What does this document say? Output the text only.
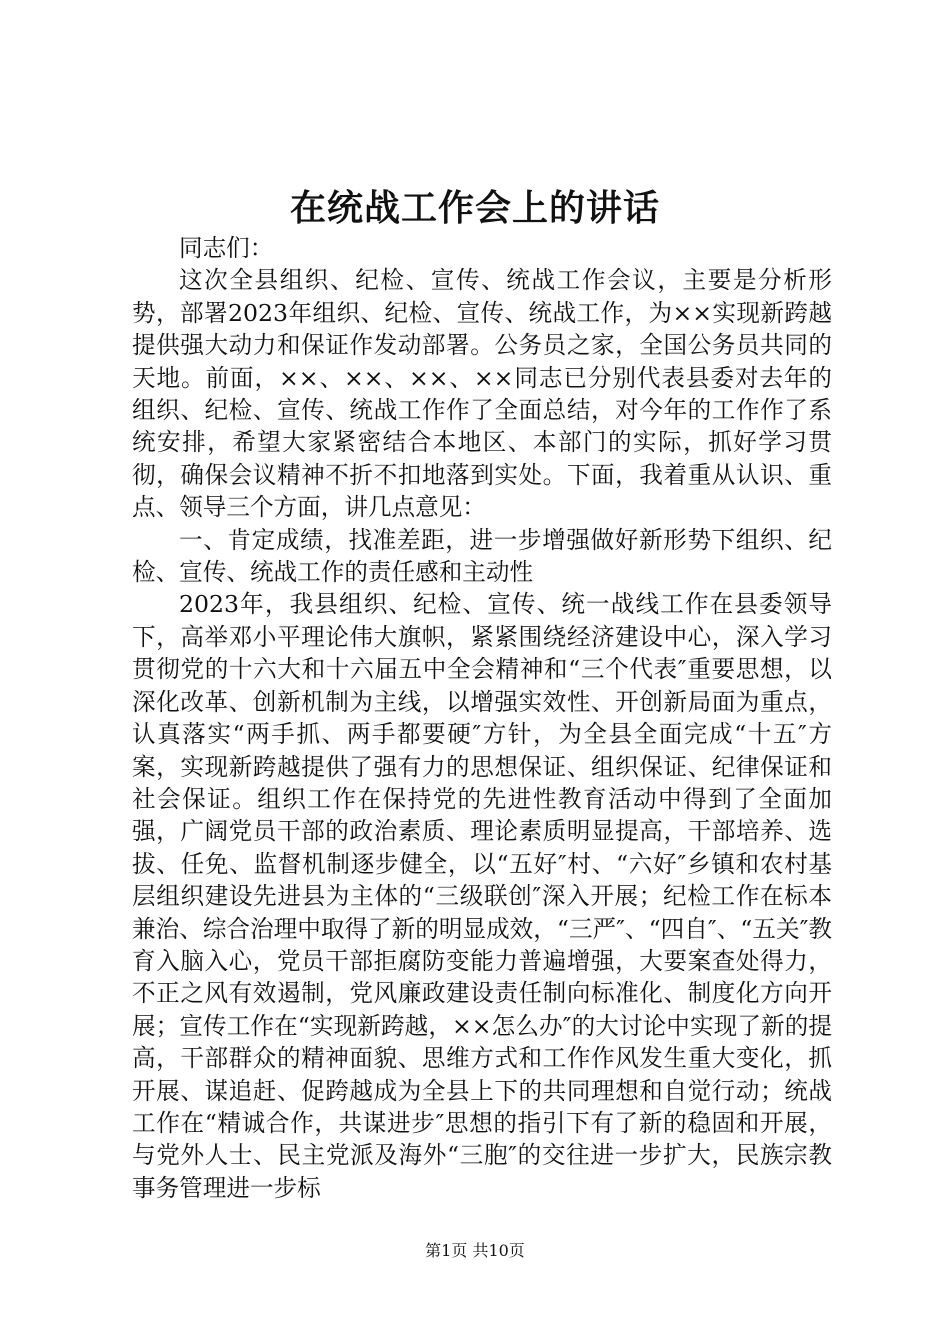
在统战工作会上的讲话

同志们：

这次全县组织、纪检、宣传、统战工作会议，主要是分析形势，部署2023年组织、纪检、宣传、统战工作，为××实现新跨越提供强大动力和保证作发动部署。公务员之家，全国公务员共同的天地。前面，××、××、××、××同志已分别代表县委对去年的组织、纪检、宣传、统战工作作了全面总结，对今年的工作作了系统安排，希望大家紧密结合本地区、本部门的实际，抓好学习贯彻，确保会议精神不折不扣地落到实处。下面，我着重从认识、重点、领导三个方面，讲几点意见：

一、肯定成绩，找准差距，进一步增强做好新形势下组织、纪检、宣传、统战工作的责任感和主动性

2023年，我县组织、纪检、宣传、统一战线工作在县委领导下，高举邓小平理论伟大旗帜，紧紧围绕经济建设中心，深入学习贯彻党的十六大和十六届五中全会精神和“三个代表″重要思想，以深化改革、创新机制为主线，以增强实效性、开创新局面为重点，认真落实“两手抓、两手都要硬″方针，为全县全面完成“十五″方案，实现新跨越提供了强有力的思想保证、组织保证、纪律保证和社会保证。组织工作在保持党的先进性教育活动中得到了全面加强，广阔党员干部的政治素质、理论素质明显提高，干部培养、选拔、任免、监督机制逐步健全，以“五好″村、“六好″乡镇和农村基层组织建设先进县为主体的“三级联创″深入开展；纪检工作在标本兼治、综合治理中取得了新的明显成效，“三严″、“四自″、“五关″教育入脑入心，党员干部拒腐防变能力普遍增强，大要案查处得力，不正之风有效遏制，党风廉政建设责任制向标准化、制度化方向开展；宣传工作在“实现新跨越，××怎么办″的大讨论中实现了新的提高，干部群众的精神面貌、思维方式和工作作风发生重大变化，抓开展、谋追赶、促跨越成为全县上下的共同理想和自觉行动；统战工作在“精诚合作，共谋进步″思想的指引下有了新的稳固和开展，与党外人士、民主党派及海外“三胞″的交往进一步扩大，民族宗教事务管理进一步标

第1页 共10页
